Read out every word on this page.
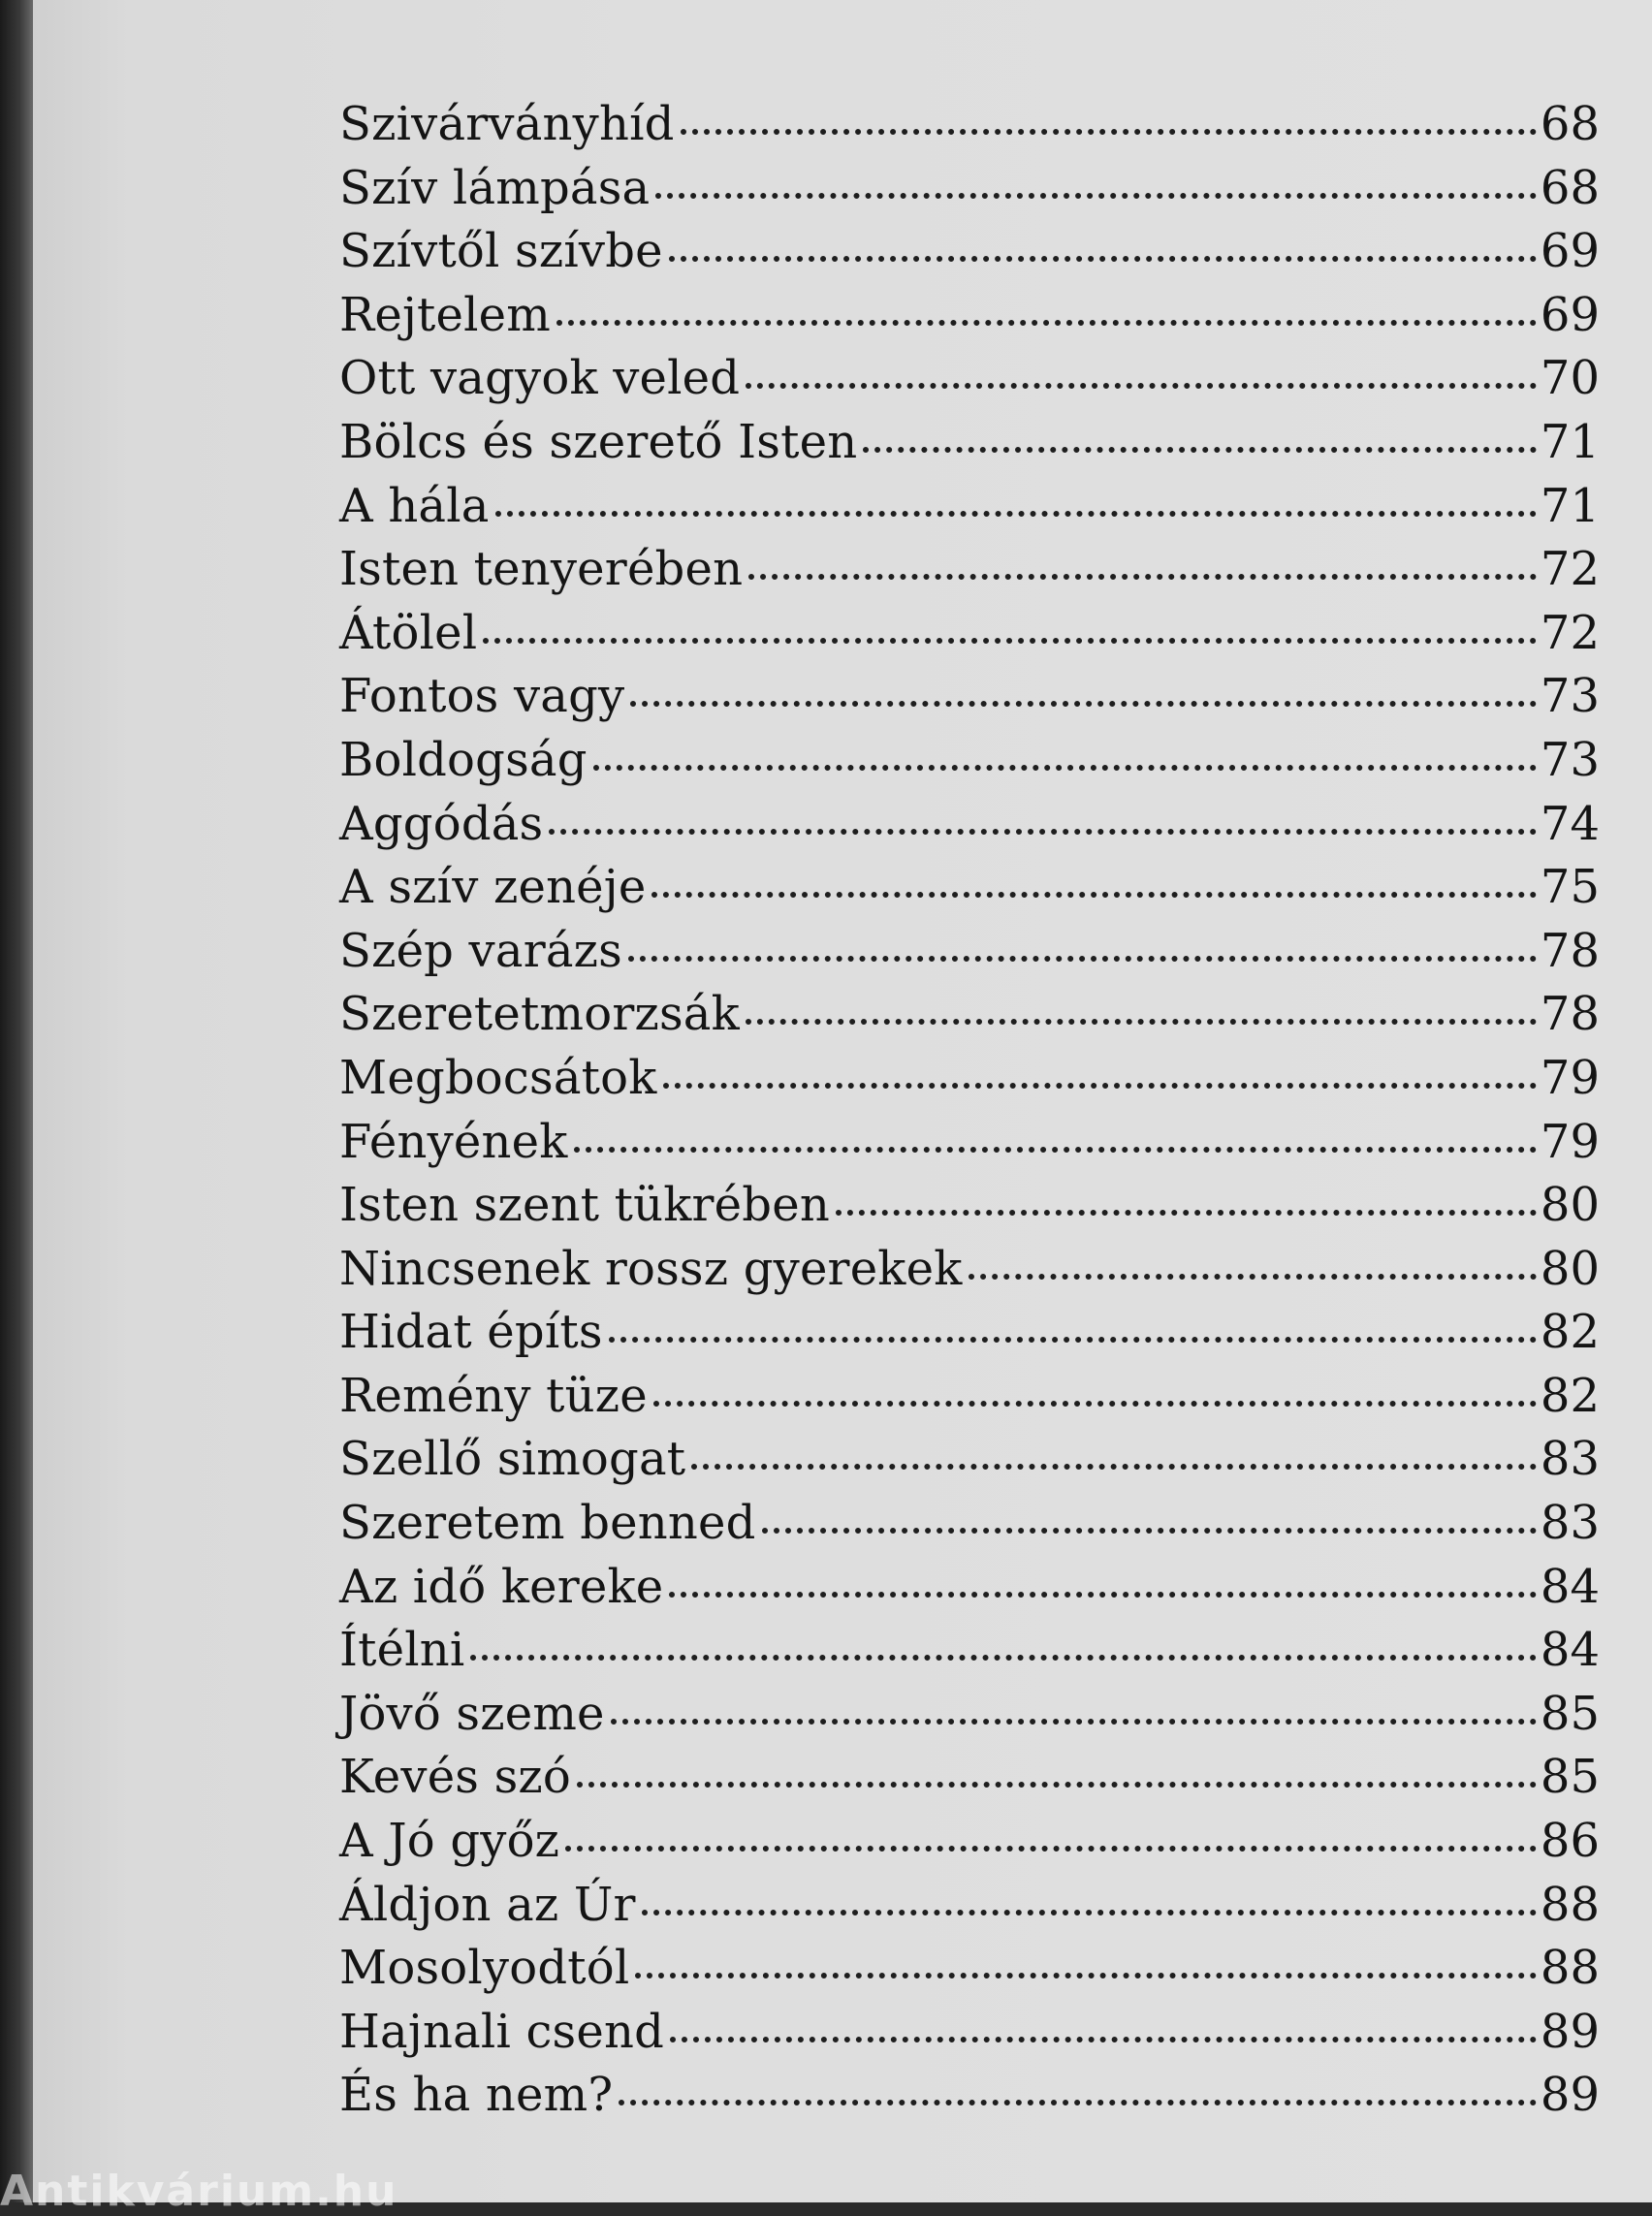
Szivárványhíd	68
Szív lámpása	68
Szívtől szívbe	69
Rejtelem	69
Ott vagyok veled	70
Bölcs és szerető Isten	71
A hála	71
Isten tenyerében	72
Átölel	72
Fontos vagy	73
Boldogság	73
Aggódás	74
A szív zenéje	75
Szép varázs	78
Szeretetmorzsák	78
Megbocsátok	79
Fényének	79
Isten szent tükrében	80
Nincsenek rossz gyerekek	80
Hidat építs	82
Remény tüze	82
Szellő simogat	83
Szeretem benned	83
Az idő kereke	84
Ítélni	84
Jövő szeme	85
Kevés szó	85
A Jó győz	86
Áldjon az Úr	88
Mosolyodtól	88
Hajnali csend	89
És ha nem?	89
Antikvárium.hu
